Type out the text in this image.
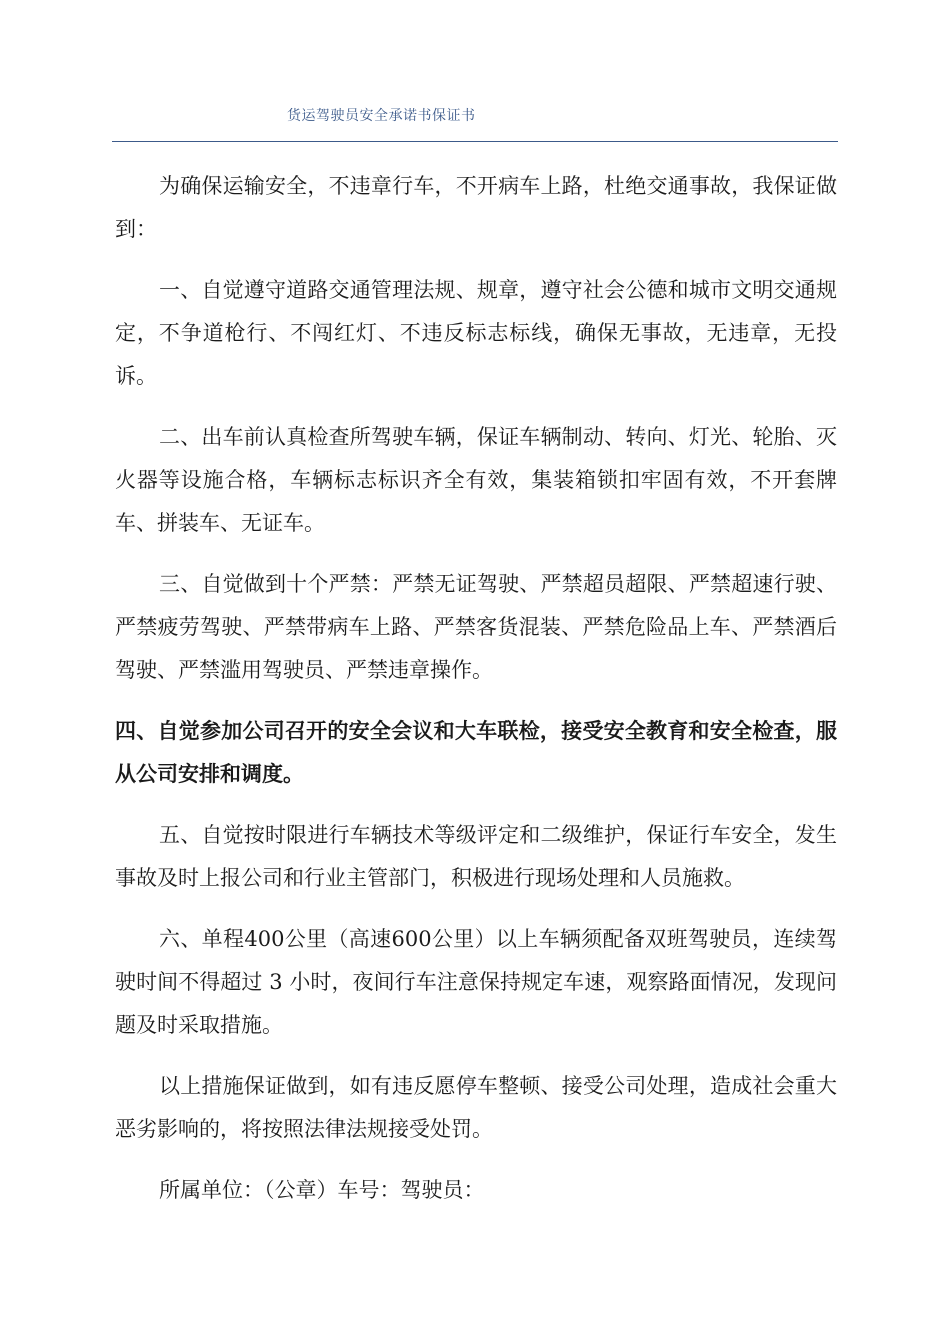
货运驾驶员安全承诺书保证书

为确保运输安全，不违章行车，不开病车上路，杜绝交通事故，我保证做到：

一、自觉遵守道路交通管理法规、规章，遵守社会公德和城市文明交通规定，不争道枪行、不闯红灯、不违反标志标线，确保无事故，无违章，无投诉。

二、出车前认真检查所驾驶车辆，保证车辆制动、转向、灯光、轮胎、灭火器等设施合格，车辆标志标识齐全有效，集装箱锁扣牢固有效，不开套牌车、拼装车、无证车。

三、自觉做到十个严禁：严禁无证驾驶、严禁超员超限、严禁超速行驶、严禁疲劳驾驶、严禁带病车上路、严禁客货混装、严禁危险品上车、严禁酒后驾驶、严禁滥用驾驶员、严禁违章操作。

四、自觉参加公司召开的安全会议和大车联检，接受安全教育和安全检查，服从公司安排和调度。

五、自觉按时限进行车辆技术等级评定和二级维护，保证行车安全，发生事故及时上报公司和行业主管部门，积极进行现场处理和人员施救。

六、单程400公里（高速600公里）以上车辆须配备双班驾驶员，连续驾驶时间不得超过 3 小时，夜间行车注意保持规定车速，观察路面情况，发现问题及时采取措施。

以上措施保证做到，如有违反愿停车整顿、接受公司处理，造成社会重大恶劣影响的，将按照法律法规接受处罚。

所属单位：（公章）车号：驾驶员：
